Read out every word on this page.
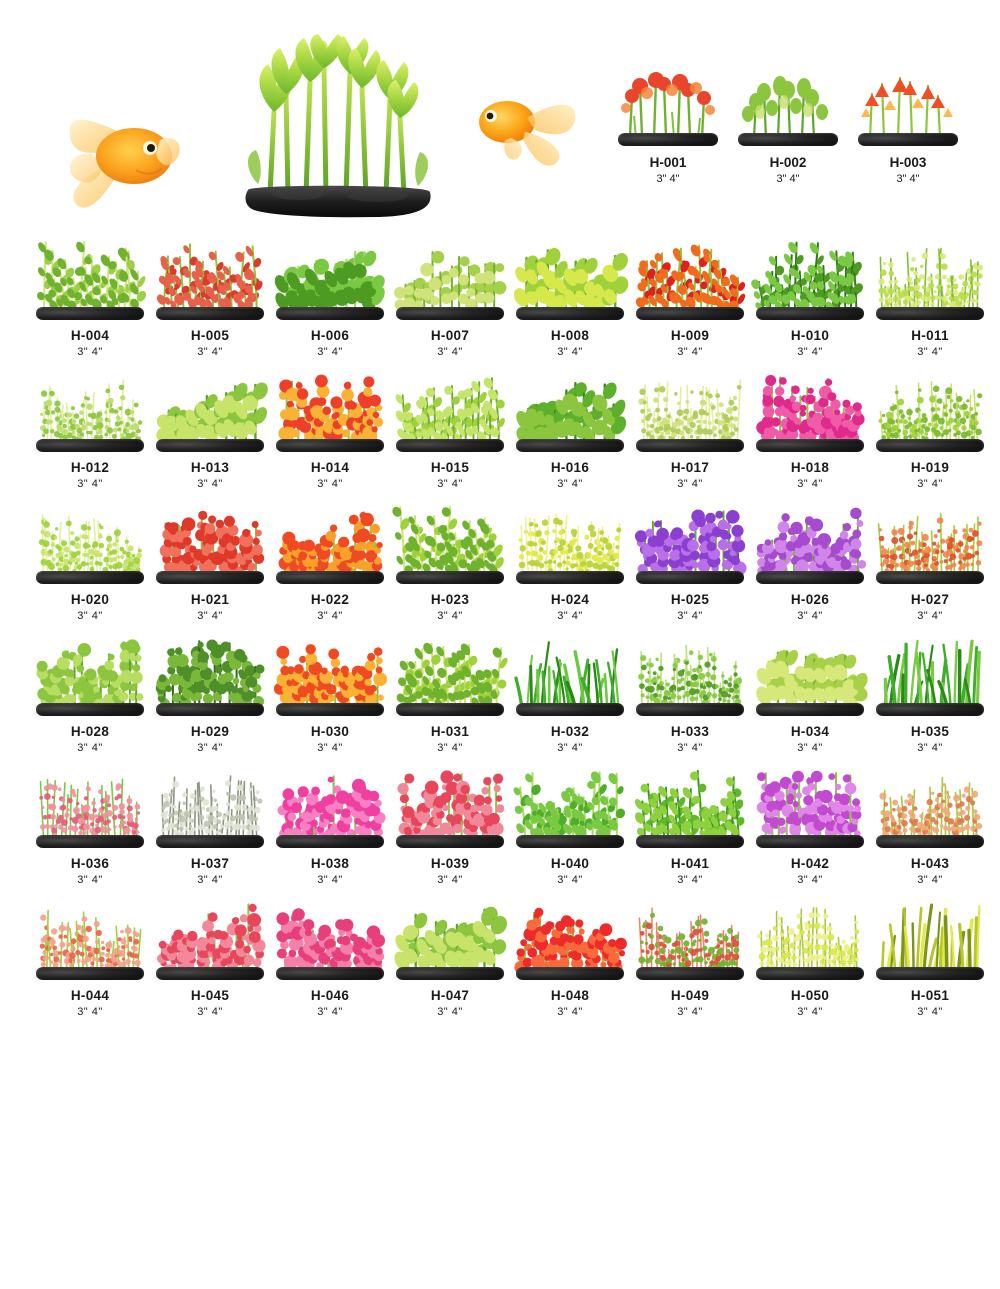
H-001
3" 4"
H-002
3" 4"
H-003
3" 4"
H-004
3" 4"
H-005
3" 4"
H-006
3" 4"
H-007
3" 4"
H-008
3" 4"
H-009
3" 4"
H-010
3" 4"
H-011
3" 4"
H-012
3" 4"
H-013
3" 4"
H-014
3" 4"
H-015
3" 4"
H-016
3" 4"
H-017
3" 4"
H-018
3" 4"
H-019
3" 4"
H-020
3" 4"
H-021
3" 4"
H-022
3" 4"
H-023
3" 4"
H-024
3" 4"
H-025
3" 4"
H-026
3" 4"
H-027
3" 4"
H-028
3" 4"
H-029
3" 4"
H-030
3" 4"
H-031
3" 4"
H-032
3" 4"
H-033
3" 4"
H-034
3" 4"
H-035
3" 4"
H-036
3" 4"
H-037
3" 4"
H-038
3" 4"
H-039
3" 4"
H-040
3" 4"
H-041
3" 4"
H-042
3" 4"
H-043
3" 4"
H-044
3" 4"
H-045
3" 4"
H-046
3" 4"
H-047
3" 4"
H-048
3" 4"
H-049
3" 4"
H-050
3" 4"
H-051
3" 4"
